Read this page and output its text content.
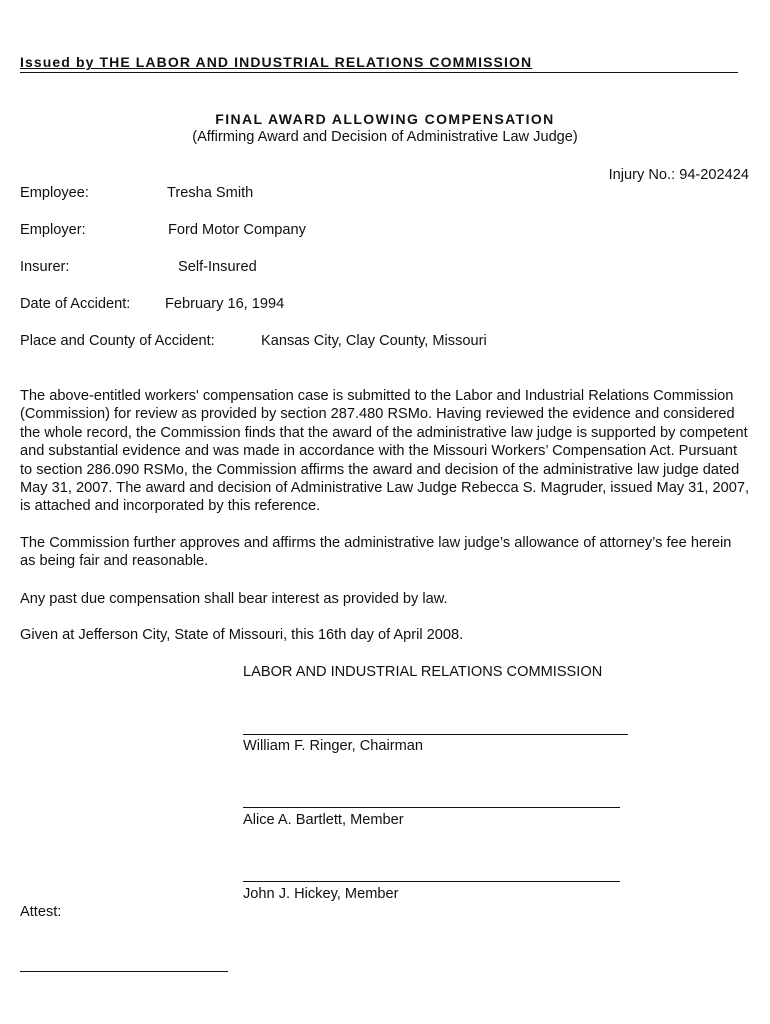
Issued by THE LABOR AND INDUSTRIAL RELATIONS COMMISSION
FINAL AWARD ALLOWING COMPENSATION
(Affirming Award and Decision of Administrative Law Judge)
Injury No.: 94-202424
Employee:	Tresha Smith
Employer:	Ford Motor Company
Insurer:	Self-Insured
Date of Accident: February 16, 1994
Place and County of Accident:	Kansas City, Clay County, Missouri

The above-entitled workers' compensation case is submitted to the Labor and Industrial Relations Commission (Commission) for review as provided by section 287.480 RSMo. Having reviewed the evidence and considered the whole record, the Commission finds that the award of the administrative law judge is supported by competent and substantial evidence and was made in accordance with the Missouri Workers’ Compensation Act. Pursuant to section 286.090 RSMo, the Commission affirms the award and decision of the administrative law judge dated May 31, 2007. The award and decision of Administrative Law Judge Rebecca S. Magruder, issued May 31, 2007, is attached and incorporated by this reference.

The Commission further approves and affirms the administrative law judge’s allowance of attorney’s fee herein as being fair and reasonable.

Any past due compensation shall bear interest as provided by law.

Given at Jefferson City, State of Missouri, this 16th day of April 2008.

LABOR AND INDUSTRIAL RELATIONS COMMISSION
William F. Ringer, Chairman
Alice A. Bartlett, Member
John J. Hickey, Member
Attest:
